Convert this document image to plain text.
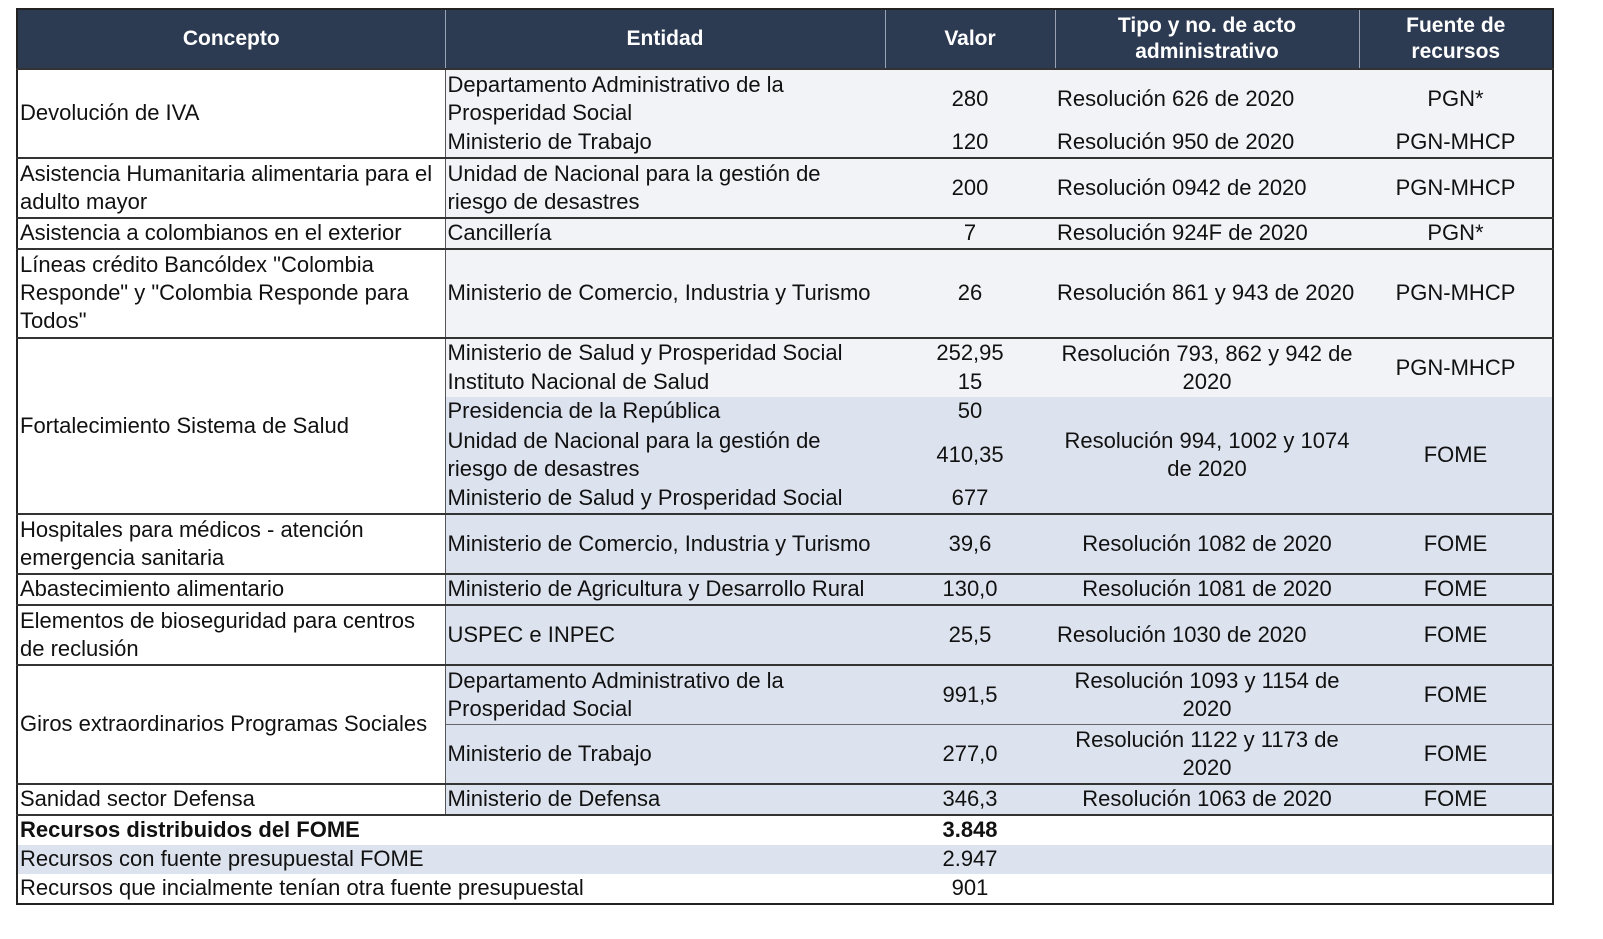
Concepto	Entidad	Valor	Tipo y no. de acto administrativo	Fuente de recursos
Devolución de IVA	Departamento Administrativo de la Prosperidad Social	280	Resolución 626 de 2020	PGN*
	Ministerio de Trabajo	120	Resolución 950 de 2020	PGN-MHCP
Asistencia Humanitaria alimentaria para el adulto mayor	Unidad de Nacional para la gestión de riesgo de desastres	200	Resolución 0942 de 2020	PGN-MHCP
Asistencia a colombianos en el exterior	Cancillería	7	Resolución 924F de 2020	PGN*
Líneas crédito Bancóldex "Colombia Responde" y "Colombia Responde para Todos"	Ministerio de Comercio, Industria y Turismo	26	Resolución 861 y 943 de 2020	PGN-MHCP
Fortalecimiento Sistema de Salud	Ministerio de Salud y Prosperidad Social	252,95	Resolución 793, 862 y 942 de 2020	PGN-MHCP
	Instituto Nacional de Salud	15		
	Presidencia de la República	50	Resolución 994, 1002 y 1074 de 2020	FOME
	Unidad de Nacional para la gestión de riesgo de desastres	410,35		
	Ministerio de Salud y Prosperidad Social	677		
Hospitales para médicos - atención emergencia sanitaria	Ministerio de Comercio, Industria y Turismo	39,6	Resolución 1082 de 2020	FOME
Abastecimiento alimentario	Ministerio de Agricultura y Desarrollo Rural	130,0	Resolución 1081 de 2020	FOME
Elementos de bioseguridad para centros de reclusión	USPEC e INPEC	25,5	Resolución 1030 de 2020	FOME
Giros extraordinarios Programas Sociales	Departamento Administrativo de la Prosperidad Social	991,5	Resolución 1093 y 1154 de 2020	FOME
	Ministerio de Trabajo	277,0	Resolución 1122 y 1173 de 2020	FOME
Sanidad sector Defensa	Ministerio de Defensa	346,3	Resolución 1063 de 2020	FOME
Recursos distribuidos del FOME		3.848		
Recursos con fuente presupuestal FOME		2.947		
Recursos que incialmente tenían otra fuente presupuestal		901		
